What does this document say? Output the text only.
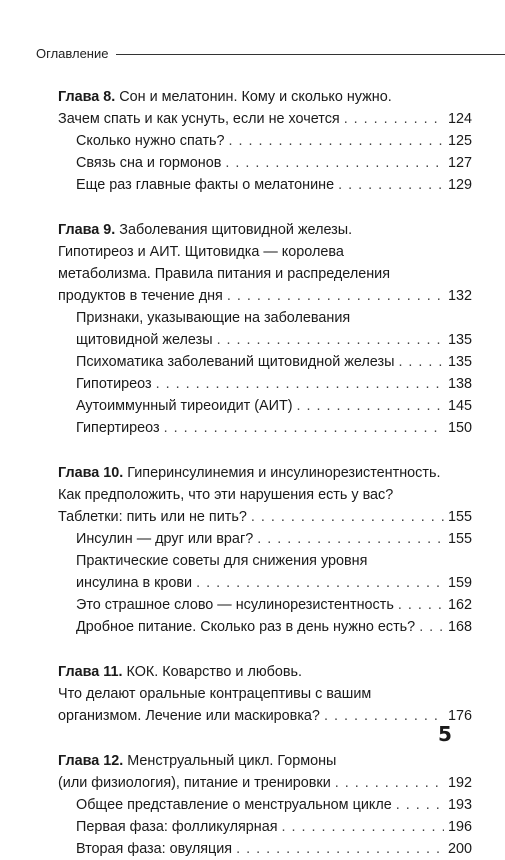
Оглавление
Глава 8. Сон и мелатонин. Кому и сколько нужно.
Зачем спать и как уснуть, если не хочется . . .	124
Сколько нужно спать? . . .	125
Связь сна и гормонов . . .	127
Еще раз главные факты о мелатонине . . .	129
Глава 9. Заболевания щитовидной железы.
Гипотиреоз и АИТ. Щитовидка — королева
метаболизма. Правила питания и распределения
продуктов в течение дня . . .	132
Признаки, указывающие на заболевания
щитовидной железы . . .	135
Психоматика заболеваний щитовидной железы . . .	135
Гипотиреоз . . .	138
Аутоиммунный тиреоидит (АИТ) . . .	145
Гипертиреоз . . .	150
Глава 10. Гиперинсулинемия и инсулинорезистентность.
Как предположить, что эти нарушения есть у вас?
Таблетки: пить или не пить? . . .	155
Инсулин — друг или враг? . . .	155
Практические советы для снижения уровня
инсулина в крови . . .	159
Это страшное слово — нсулинорезистентность . . .	162
Дробное питание. Сколько раз в день нужно есть? . . . 168
Глава 11. КОК. Коварство и любовь.
Что делают оральные контрацептивы с вашим
организмом. Лечение или маскировка? . . .	176
Глава 12. Менструальный цикл. Гормоны
(или физиология), питание и тренировки . . .	192
Общее представление о менструальном цикле . . .	193
Первая фаза: фолликулярная . . .	196
Вторая фаза: овуляция . . .	200
5
